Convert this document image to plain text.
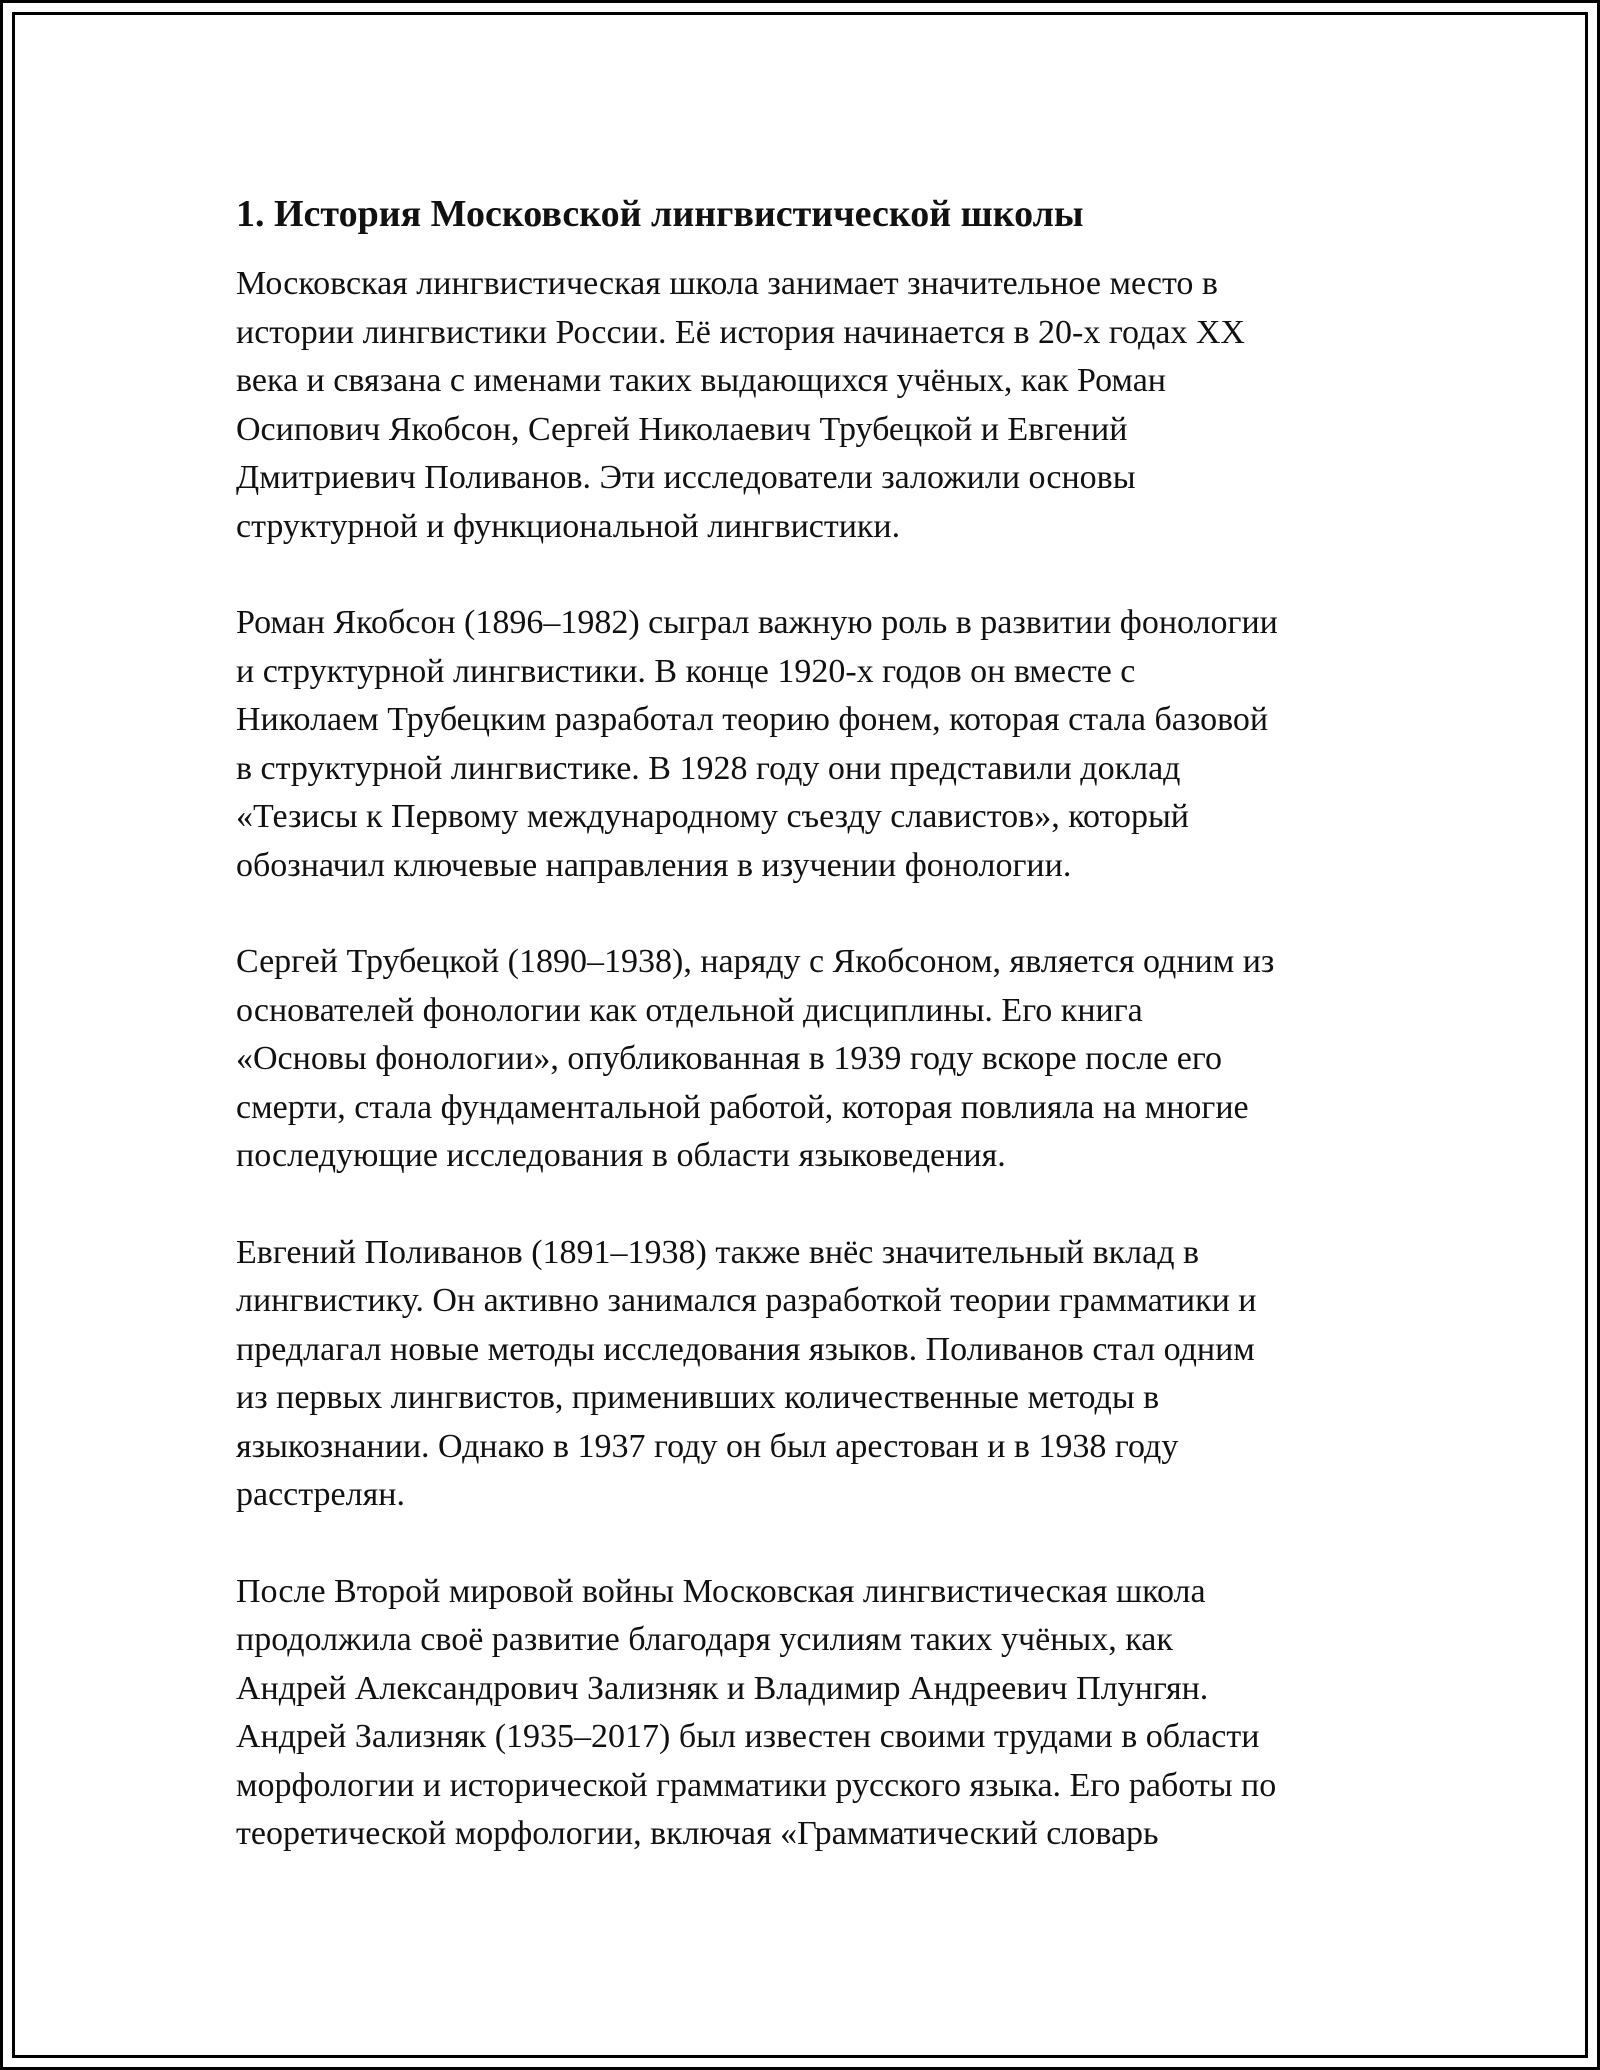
1. История Московской лингвистической школы

Московская лингвистическая школа занимает значительное место в
истории лингвистики России. Её история начинается в 20-х годах XX
века и связана с именами таких выдающихся учёных, как Роман
Осипович Якобсон, Сергей Николаевич Трубецкой и Евгений
Дмитриевич Поливанов. Эти исследователи заложили основы
структурной и функциональной лингвистики.

Роман Якобсон (1896–1982) сыграл важную роль в развитии фонологии
и структурной лингвистики. В конце 1920-х годов он вместе с
Николаем Трубецким разработал теорию фонем, которая стала базовой
в структурной лингвистике. В 1928 году они представили доклад
«Тезисы к Первому международному съезду славистов», который
обозначил ключевые направления в изучении фонологии.

Сергей Трубецкой (1890–1938), наряду с Якобсоном, является одним из
основателей фонологии как отдельной дисциплины. Его книга
«Основы фонологии», опубликованная в 1939 году вскоре после его
смерти, стала фундаментальной работой, которая повлияла на многие
последующие исследования в области языковедения.

Евгений Поливанов (1891–1938) также внёс значительный вклад в
лингвистику. Он активно занимался разработкой теории грамматики и
предлагал новые методы исследования языков. Поливанов стал одним
из первых лингвистов, применивших количественные методы в
языкознании. Однако в 1937 году он был арестован и в 1938 году
расстрелян.

После Второй мировой войны Московская лингвистическая школа
продолжила своё развитие благодаря усилиям таких учёных, как
Андрей Александрович Зализняк и Владимир Андреевич Плунгян.
Андрей Зализняк (1935–2017) был известен своими трудами в области
морфологии и исторической грамматики русского языка. Его работы по
теоретической морфологии, включая «Грамматический словарь
